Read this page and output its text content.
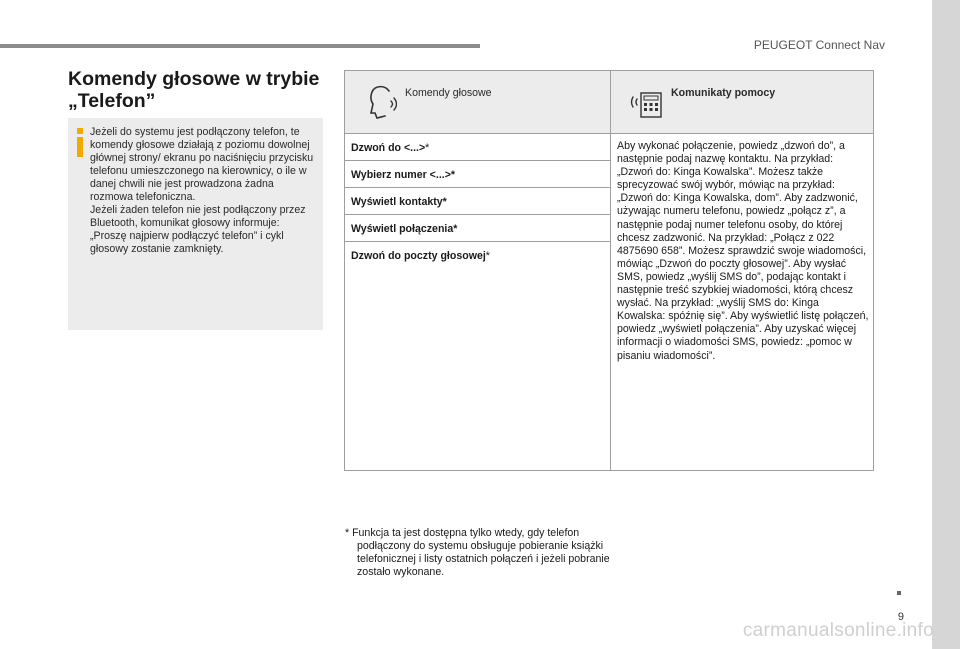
PEUGEOT Connect Nav
Komendy głosowe w trybie
„Telefon”

Jeżeli do systemu jest podłączony telefon, te komendy głosowe działają z poziomu dowolnej głównej strony/ ekranu po naciśnięciu przycisku telefonu umieszczonego na kierownicy, o ile w danej chwili nie jest prowadzona żadna rozmowa telefoniczna.

Jeżeli żaden telefon nie jest podłączony przez Bluetooth, komunikat głosowy informuje: „Proszę najpierw podłączyć telefon” i cykl głosowy zostanie zamknięty.

Komendy głosowe	Komunikaty pomocy
Dzwoń do <...>*
Wybierz numer <...>*
Wyświetl kontakty*
Wyświetl połączenia*
Dzwoń do poczty głosowej*
Aby wykonać połączenie, powiedz „dzwoń do”, a następnie podaj nazwę kontaktu. Na przykład: „Dzwoń do: Kinga Kowalska”. Możesz także sprecyzować swój wybór, mówiąc na przykład: „Dzwoń do: Kinga Kowalska, dom”. Aby zadzwonić, używając numeru telefonu, powiedz „połącz z”, a następnie podaj numer telefonu osoby, do której chcesz zadzwonić. Na przykład: „Połącz z 022 4875690 658”. Możesz sprawdzić swoje wiadomości, mówiąc „Dzwoń do poczty głosowej”. Aby wysłać SMS, powiedz „wyślij SMS do”, podając kontakt i następnie treść szybkiej wiadomości, którą chcesz wysłać. Na przykład: „wyślij SMS do: Kinga Kowalska: spóźnię się”. Aby wyświetlić listę połączeń, powiedz „wyświetl połączenia”. Aby uzyskać więcej informacji o wiadomości SMS, powiedz: „pomoc w pisaniu wiadomości”.
* Funkcja ta jest dostępna tylko wtedy, gdy telefon podłączony do systemu obsługuje pobieranie książki telefonicznej i listy ostatnich połączeń i jeżeli pobranie zostało wykonane.
9
carmanualsonline.info
